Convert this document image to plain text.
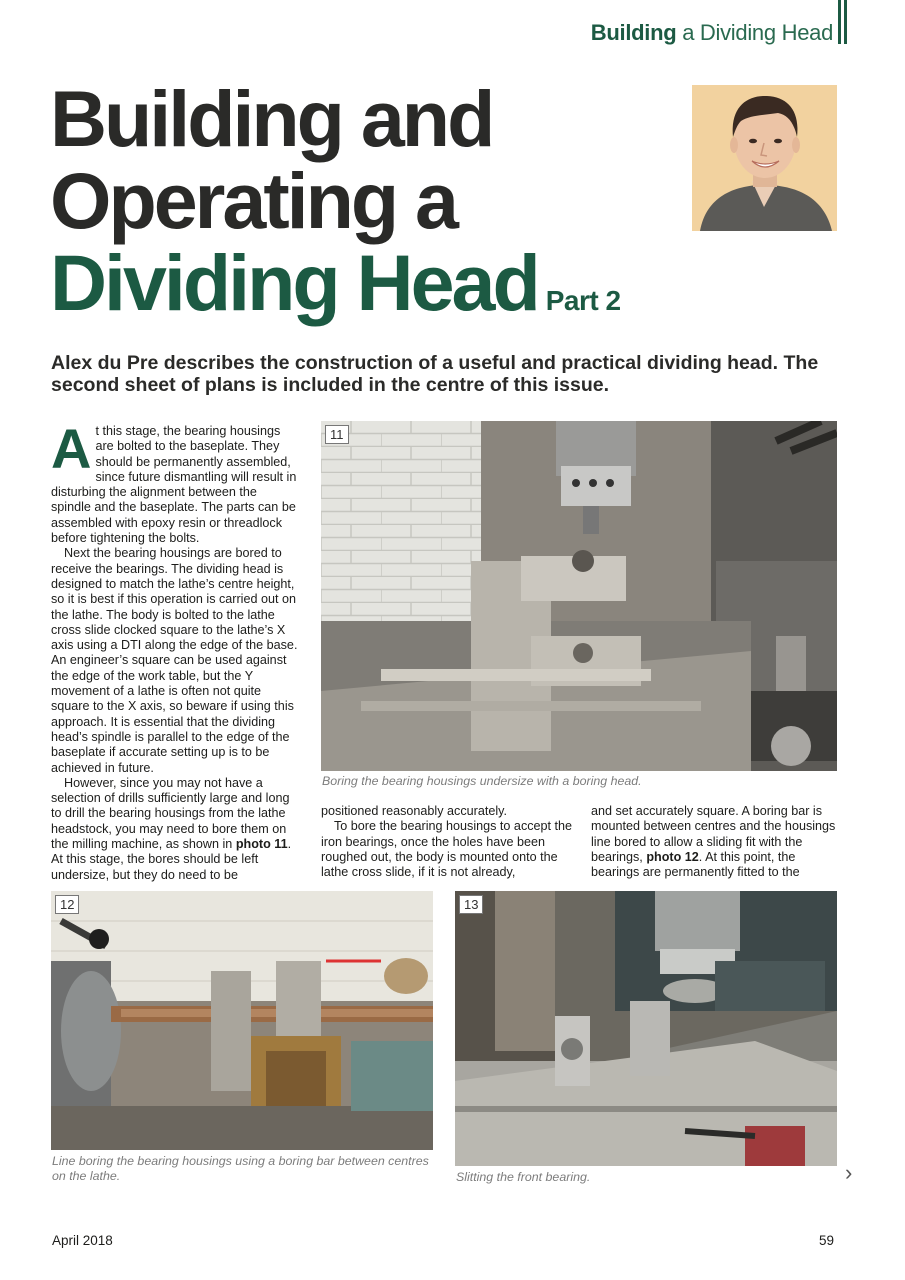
Building a Dividing Head
Building and
Operating a
Dividing Head Part 2

Alex du Pre describes the construction of a useful and practical dividing head. The second sheet of plans is included in the centre of this issue.

At this stage, the bearing housings are bolted to the baseplate. They should be permanently assembled, since future dismantling will result in disturbing the alignment between the spindle and the baseplate. The parts can be assembled with epoxy resin or threadlock before tightening the bolts.

Next the bearing housings are bored to receive the bearings. The dividing head is designed to match the lathe’s centre height, so it is best if this operation is carried out on the lathe. The body is bolted to the lathe cross slide clocked square to the lathe’s X axis using a DTI along the edge of the base. An engineer’s square can be used against the edge of the work table, but the Y movement of a lathe is often not quite square to the X axis, so beware if using this approach. It is essential that the dividing head’s spindle is parallel to the edge of the baseplate if accurate setting up is to be achieved in future.

However, since you may not have a selection of drills sufficiently large and long to drill the bearing housings from the lathe headstock, you may need to bore them on the milling machine, as shown in photo 11. At this stage, the bores should be left undersize, but they do need to be

11

Boring the bearing housings undersize with a boring head.

positioned reasonably accurately.

To bore the bearing housings to accept the iron bearings, once the holes have been roughed out, the body is mounted onto the lathe cross slide, if it is not already,

and set accurately square. A boring bar is mounted between centres and the housings line bored to allow a sliding fit with the bearings, photo 12. At this point, the bearings are permanently fitted to the

12

Line boring the bearing housings using a boring bar between centres on the lathe.

13

Slitting the front bearing.	›
April 2018	59
